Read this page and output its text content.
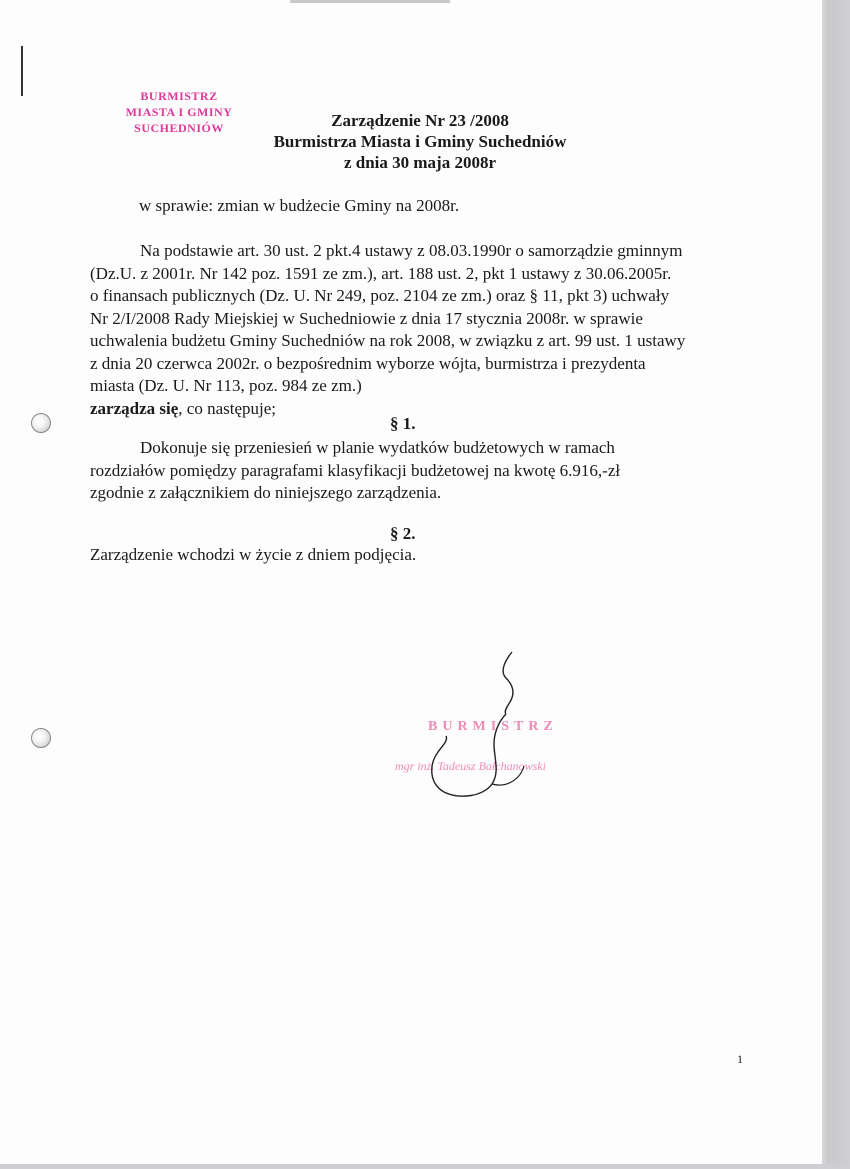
BURMISTRZ
MIASTA I GMINY
SUCHEDNIÓW	Zarządzenie Nr 23 /2008
Burmistrza Miasta i Gminy Suchedniów
z dnia 30 maja 2008r
w sprawie: zmian w budżecie Gminy na 2008r.
Na podstawie art. 30 ust. 2 pkt.4 ustawy z 08.03.1990r o samorządzie gminnym
(Dz.U. z 2001r. Nr 142 poz. 1591 ze zm.), art. 188 ust. 2, pkt 1 ustawy z 30.06.2005r.
o finansach publicznych (Dz. U. Nr 249, poz. 2104 ze zm.) oraz § 11, pkt 3) uchwały
Nr 2/I/2008 Rady Miejskiej w Suchedniowie z dnia 17 stycznia 2008r. w sprawie
uchwalenia budżetu Gminy Suchedniów na rok 2008, w związku z art. 99 ust. 1 ustawy
z dnia 20 czerwca 2002r. o bezpośrednim wyborze wójta, burmistrza i prezydenta
miasta (Dz. U. Nr 113, poz. 984 ze zm.)
zarządza się, co następuje;
§ 1.
Dokonuje się przeniesień w planie wydatków budżetowych w ramach
rozdziałów pomiędzy paragrafami klasyfikacji budżetowej na kwotę 6.916,-zł
zgodnie z załącznikiem do niniejszego zarządzenia.
§ 2.
Zarządzenie wchodzi w życie z dniem podjęcia.
BURMISTRZ
mgr inż. Tadeusz Bałchanowski
1
